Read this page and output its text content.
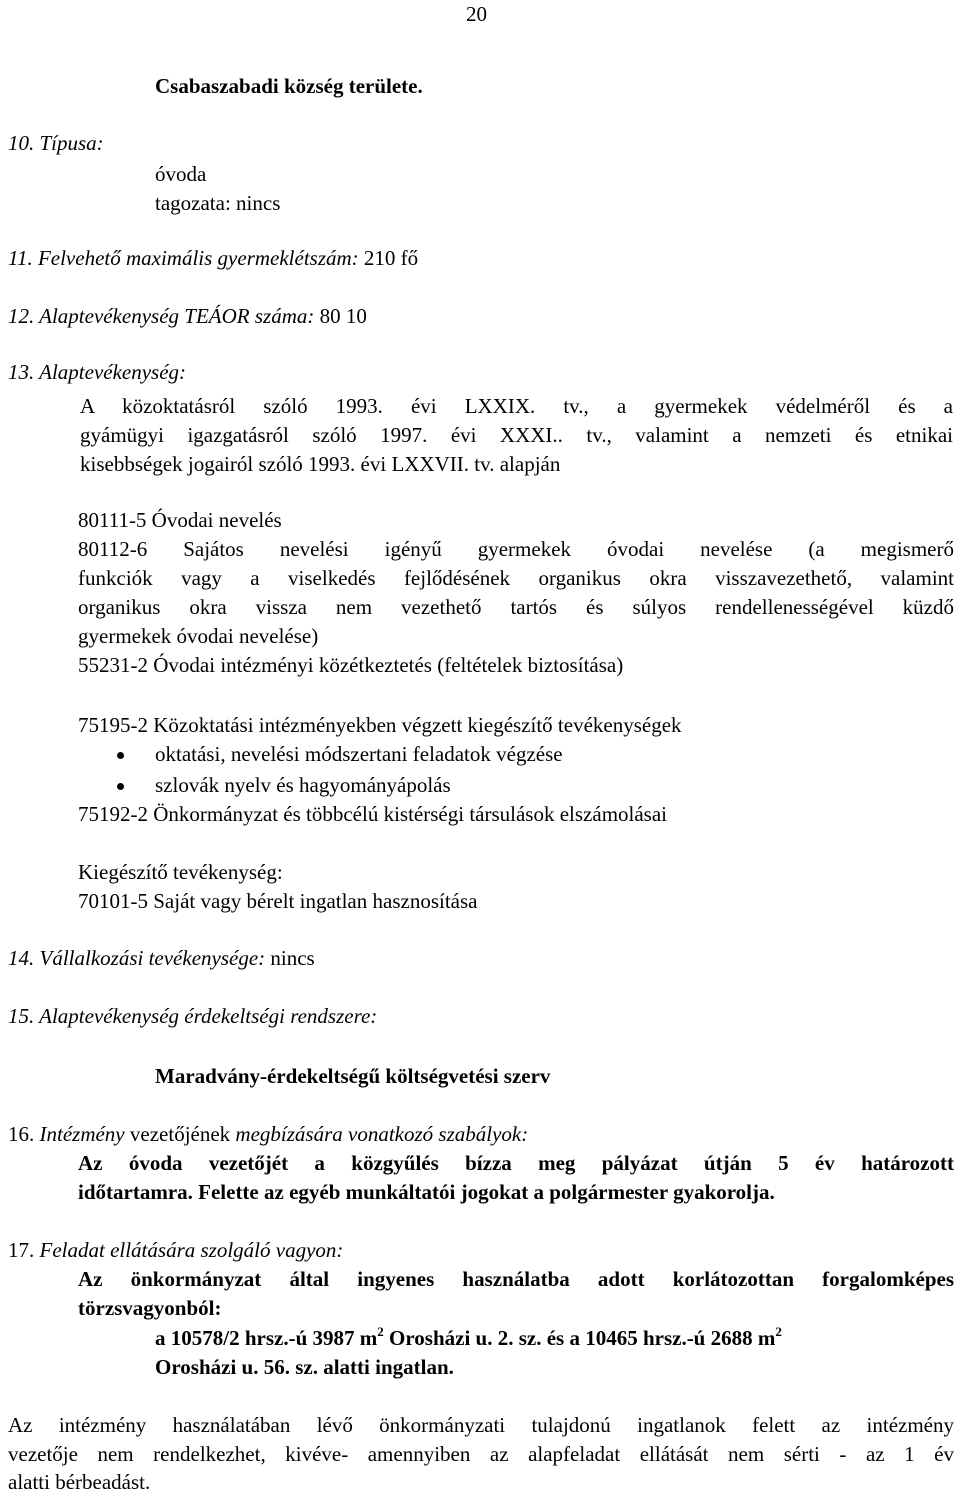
20
Csabaszabadi község területe.
10. Típusa:
óvoda
tagozata: nincs
11. Felvehető maximális gyermeklétszám: 210 fő
12. Alaptevékenység TEÁOR száma: 80 10
13. Alaptevékenység:
A közoktatásról szóló 1993. évi LXXIX. tv., a gyermekek védelméről és a
gyámügyi igazgatásról szóló 1997. évi XXXI.. tv., valamint a nemzeti és etnikai
kisebbségek jogairól szóló 1993. évi LXXVII. tv. alapján
80111-5 Óvodai nevelés
80112-6 Sajátos nevelési igényű gyermekek óvodai nevelése (a megismerő
funkciók vagy a viselkedés fejlődésének organikus okra visszavezethető, valamint
organikus okra vissza nem vezethető tartós és súlyos rendellenességével küzdő
gyermekek óvodai nevelése)
55231-2 Óvodai intézményi közétkeztetés (feltételek biztosítása)
75195-2 Közoktatási intézményekben végzett kiegészítő tevékenységek
oktatási, nevelési módszertani feladatok végzése
szlovák nyelv és hagyományápolás
75192-2 Önkormányzat és többcélú kistérségi társulások elszámolásai
Kiegészítő tevékenység:
70101-5 Saját vagy bérelt ingatlan hasznosítása
14. Vállalkozási tevékenysége: nincs
15. Alaptevékenység érdekeltségi rendszere:
Maradvány-érdekeltségű költségvetési szerv
16. Intézmény vezetőjének megbízására vonatkozó szabályok:
Az óvoda vezetőjét a közgyűlés bízza meg pályázat útján 5 év határozott
időtartamra. Felette az egyéb munkáltatói jogokat a polgármester gyakorolja.
17. Feladat ellátására szolgáló vagyon:
Az önkormányzat által ingyenes használatba adott korlátozottan forgalomképes
törzsvagyonból:
a 10578/2 hrsz.-ú 3987 $m^2$ Orosházi u. 2. sz. és a 10465 hrsz.-ú 2688 $m^2$
Orosházi u. 56. sz. alatti ingatlan.
Az intézmény használatában lévő önkormányzati tulajdonú ingatlanok felett az intézmény
vezetője nem rendelkezhet, kivéve- amennyiben az alapfeladat ellátását nem sérti - az 1 év
alatti bérbeadást.
